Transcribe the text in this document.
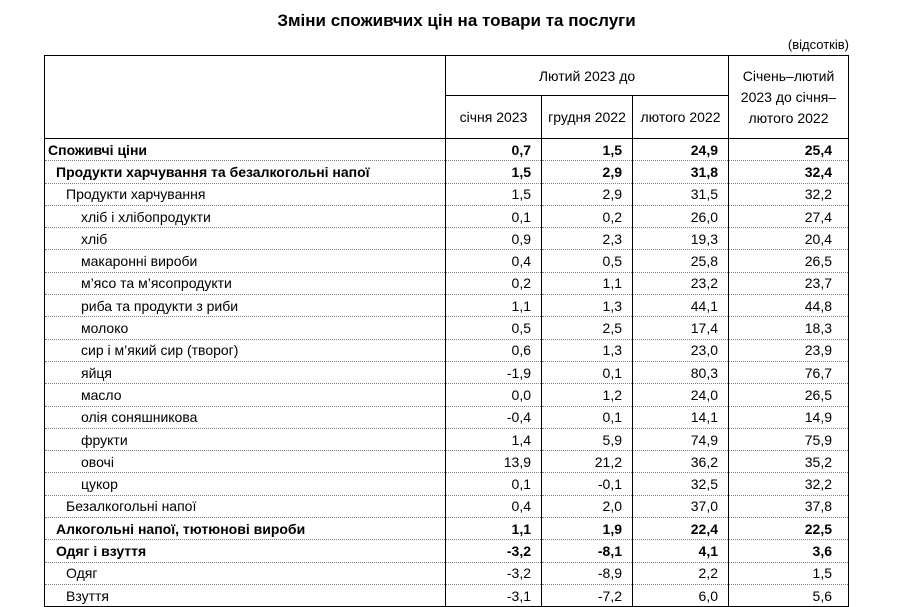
Зміни споживчих цін на товари та послуги
(відсотків)
	Лютий 2023 до			Січень–лютий 2023 до січня–лютого 2022
	січня 2023	грудня 2022	лютого 2022	
Споживчі ціни	0,7	1,5	24,9	25,4
Продукти харчування та безалкогольні напої	1,5	2,9	31,8	32,4
Продукти харчування	1,5	2,9	31,5	32,2
хліб і хлібопродукти	0,1	0,2	26,0	27,4
хліб	0,9	2,3	19,3	20,4
макаронні вироби	0,4	0,5	25,8	26,5
м’ясо та м’ясопродукти	0,2	1,1	23,2	23,7
риба та продукти з риби	1,1	1,3	44,1	44,8
молоко	0,5	2,5	17,4	18,3
сир і м’який сир (творог)	0,6	1,3	23,0	23,9
яйця	-1,9	0,1	80,3	76,7
масло	0,0	1,2	24,0	26,5
олія соняшникова	-0,4	0,1	14,1	14,9
фрукти	1,4	5,9	74,9	75,9
овочі	13,9	21,2	36,2	35,2
цукор	0,1	-0,1	32,5	32,2
Безалкогольні напої	0,4	2,0	37,0	37,8
Алкогольні напої, тютюнові вироби	1,1	1,9	22,4	22,5
Одяг і взуття	-3,2	-8,1	4,1	3,6
Одяг	-3,2	-8,9	2,2	1,5
Взуття	-3,1	-7,2	6,0	5,6
